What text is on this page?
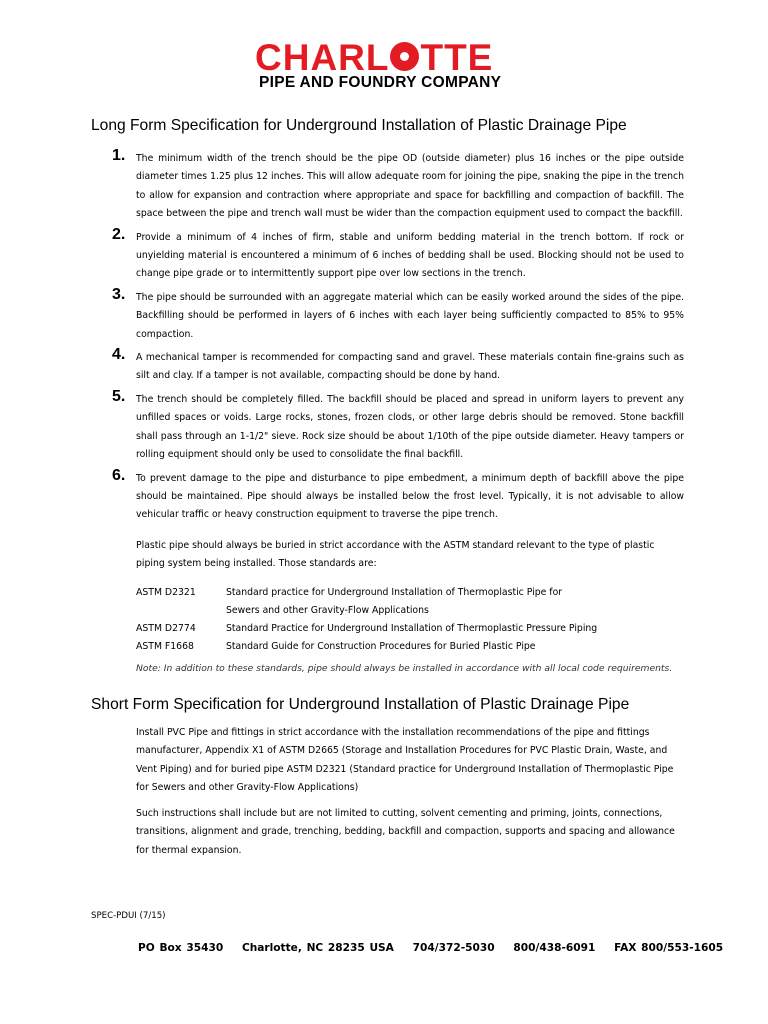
CHARL TTE
PIPE AND FOUNDRY COMPANY
Long Form Specification for Underground Installation of Plastic Drainage Pipe
1. The minimum width of the trench should be the pipe OD (outside diameter) plus 16 inches or the pipe outside diameter times 1.25 plus 12 inches. This will allow adequate room for joining the pipe, snaking the pipe in the trench to allow for expansion and contraction where appropriate and space for backfilling and compaction of backfill. The space between the pipe and trench wall must be wider than the compaction equipment used to compact the backfill.
2. Provide a minimum of 4 inches of firm, stable and uniform bedding material in the trench bottom. If rock or unyielding material is encountered a minimum of 6 inches of bedding shall be used. Blocking should not be used to change pipe grade or to intermittently support pipe over low sections in the trench.
3. The pipe should be surrounded with an aggregate material which can be easily worked around the sides of the pipe. Backfilling should be performed in layers of 6 inches with each layer being sufficiently compacted to 85% to 95% compaction.
4. A mechanical tamper is recommended for compacting sand and gravel. These materials contain fine-grains such as silt and clay. If a tamper is not available, compacting should be done by hand.
5. The trench should be completely filled. The backfill should be placed and spread in uniform layers to prevent any unfilled spaces or voids. Large rocks, stones, frozen clods, or other large debris should be removed. Stone backfill shall pass through an 1-1/2" sieve. Rock size should be about 1/10th of the pipe outside diameter. Heavy tampers or rolling equipment should only be used to consolidate the final backfill.
6. To prevent damage to the pipe and disturbance to pipe embedment, a minimum depth of backfill above the pipe should be maintained. Pipe should always be installed below the frost level. Typically, it is not advisable to allow vehicular traffic or heavy construction equipment to traverse the pipe trench.
Plastic pipe should always be buried in strict accordance with the ASTM standard relevant to the type of plastic piping system being installed. Those standards are:
ASTM D2321	Standard practice for Underground Installation of Thermoplastic Pipe for
Sewers and other Gravity-Flow Applications
ASTM D2774	Standard Practice for Underground Installation of Thermoplastic Pressure Piping
ASTM F1668	Standard Guide for Construction Procedures for Buried Plastic Pipe
Note: In addition to these standards, pipe should always be installed in accordance with all local code requirements.
Short Form Specification for Underground Installation of Plastic Drainage Pipe
Install PVC Pipe and fittings in strict accordance with the installation recommendations of the pipe and fittings manufacturer, Appendix X1 of ASTM D2665 (Storage and Installation Procedures for PVC Plastic Drain, Waste, and Vent Piping) and for buried pipe ASTM D2321 (Standard practice for Underground Installation of Thermoplastic Pipe for Sewers and other Gravity-Flow Applications)
Such instructions shall include but are not limited to cutting, solvent cementing and priming, joints, connections, transitions, alignment and grade, trenching, bedding, backfill and compaction, supports and spacing and allowance for thermal expansion.
SPEC-PDUI (7/15)
PO Box 35430    Charlotte, NC 28235 USA    704/372-5030    800/438-6091    FAX 800/553-1605
